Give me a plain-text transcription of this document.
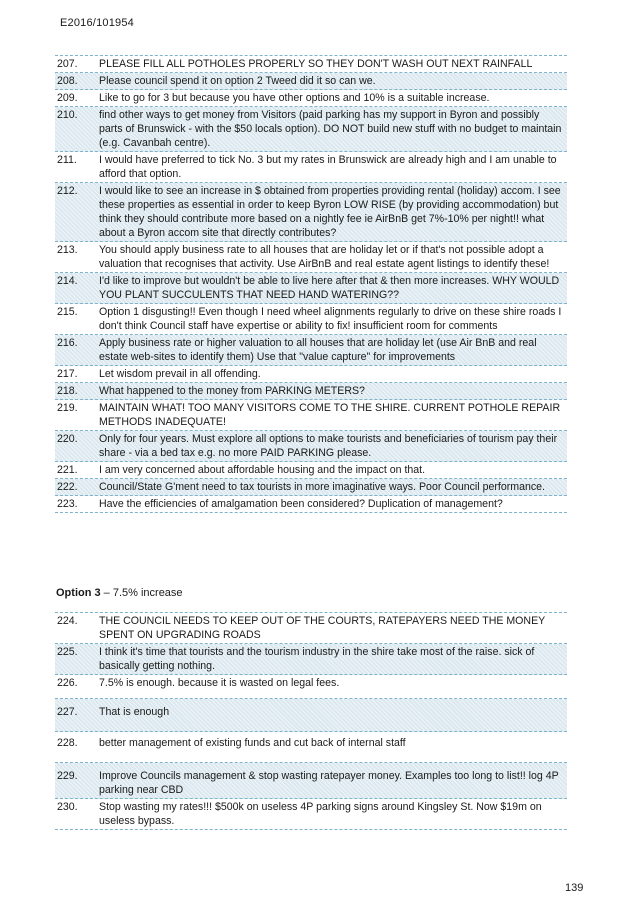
E2016/101954
207.	PLEASE FILL ALL POTHOLES PROPERLY SO THEY DON'T WASH OUT NEXT RAINFALL
208.	Please council spend it on option 2 Tweed did it so can we.
209.	Like to go for 3 but because you have other options and 10% is a suitable increase.
210.	find other ways to get money from Visitors (paid parking has my support in Byron and possibly parts of Brunswick - with the $50 locals option). DO NOT build new stuff with no budget to maintain (e.g. Cavanbah centre).
211.	I would have preferred to tick No. 3 but my rates in Brunswick are already high and I am unable to afford that option.
212.	I would like to see an increase in $ obtained from properties providing rental (holiday) accom. I see these properties as essential in order to keep Byron LOW RISE (by providing accommodation) but think they should contribute more based on a nightly fee ie AirBnB get 7%-10% per night!! what about a Byron accom site that directly contributes?
213.	You should apply business rate to all houses that are holiday let or if that's not possible adopt a valuation that recognises that activity. Use AirBnB and real estate agent listings to identify these!
214.	I'd like to improve but wouldn't be able to live here after that & then more increases. WHY WOULD YOU PLANT SUCCULENTS THAT NEED HAND WATERING??
215.	Option 1 disgusting!! Even though I need wheel alignments regularly to drive on these shire roads I don't think Council staff have expertise or ability to fix! insufficient room for comments
216.	Apply business rate or higher valuation to all houses that are holiday let (use Air BnB and real estate web-sites to identify them) Use that "value capture" for improvements
217.	Let wisdom prevail in all offending.
218.	What happened to the money from PARKING METERS?
219.	MAINTAIN WHAT! TOO MANY VISITORS COME TO THE SHIRE. CURRENT POTHOLE REPAIR METHODS INADEQUATE!
220.	Only for four years. Must explore all options to make tourists and beneficiaries of tourism pay their share - via a bed tax e.g. no more PAID PARKING please.
221.	I am very concerned about affordable housing and the impact on that.
222.	Council/State G'ment need to tax tourists in more imaginative ways. Poor Council performance.
223.	Have the efficiencies of amalgamation been considered? Duplication of management?
Option 3 – 7.5% increase
224.	THE COUNCIL NEEDS TO KEEP OUT OF THE COURTS, RATEPAYERS NEED THE MONEY SPENT ON UPGRADING ROADS
225.	I think it's time that tourists and the tourism industry in the shire take most of the raise. sick of basically getting nothing.
226.	7.5% is enough. because it is wasted on legal fees.
227.	That is enough
228.	better management of existing funds and cut back of internal staff
229.	Improve Councils management & stop wasting ratepayer money. Examples too long to list!! log 4P parking near CBD
230.	Stop wasting my rates!!! $500k on useless 4P parking signs around Kingsley St. Now $19m on useless bypass.
139
